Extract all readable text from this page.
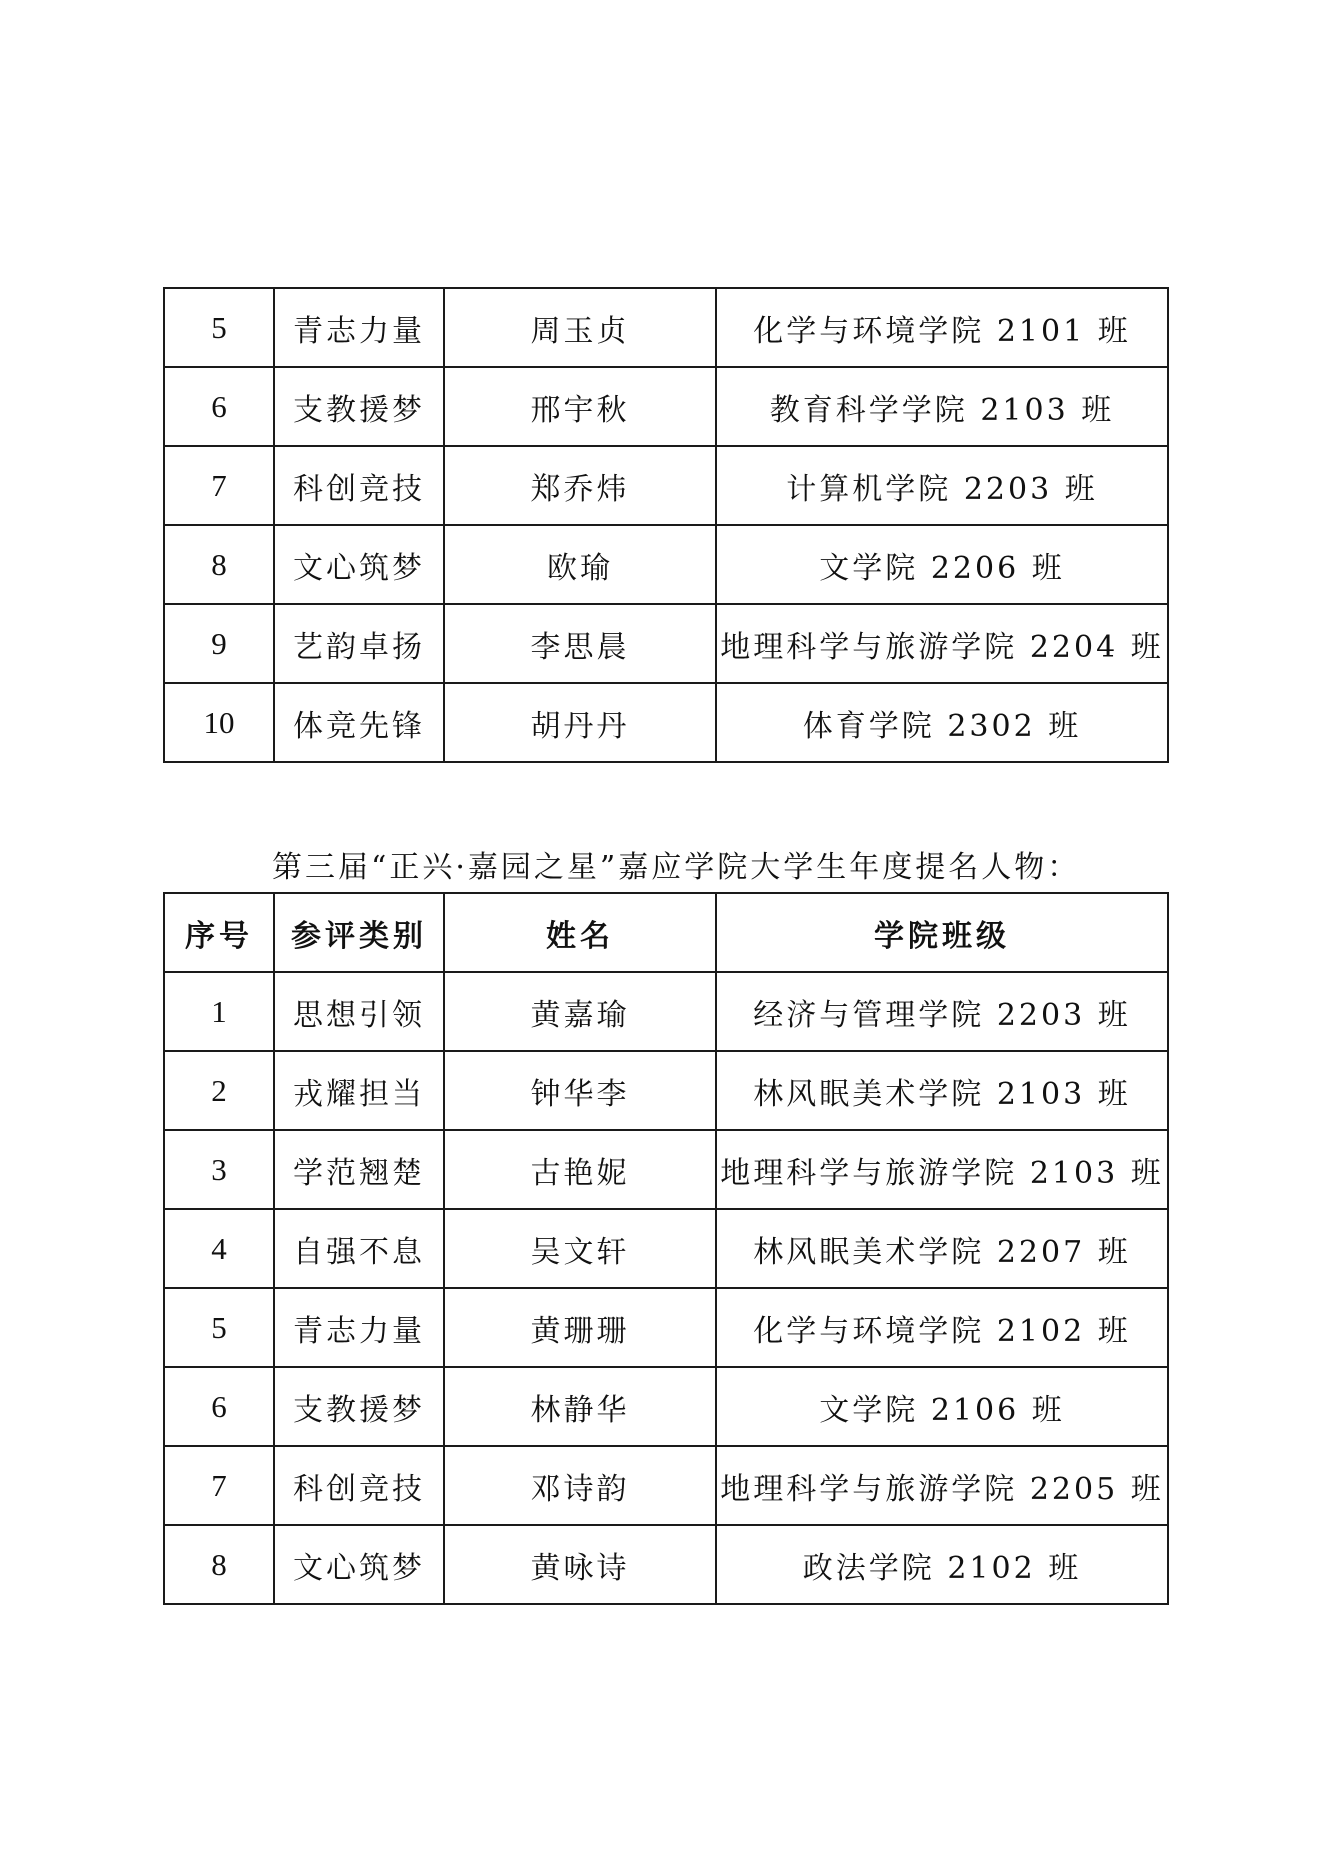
5	青志力量	周玉贞	化学与环境学院 2101 班
6	支教援梦	邢宇秋	教育科学学院 2103 班
7	科创竞技	郑乔炜	计算机学院 2203 班
8	文心筑梦	欧瑜	文学院 2206 班
9	艺韵卓扬	李思晨	地理科学与旅游学院 2204 班
10	体竞先锋	胡丹丹	体育学院 2302 班
第三届“正兴·嘉园之星”嘉应学院大学生年度提名人物：
序号	参评类别	姓名	学院班级
1	思想引领	黄嘉瑜	经济与管理学院 2203 班
2	戎耀担当	钟华李	林风眠美术学院 2103 班
3	学范翘楚	古艳妮	地理科学与旅游学院 2103 班
4	自强不息	吴文轩	林风眠美术学院 2207 班
5	青志力量	黄珊珊	化学与环境学院 2102 班
6	支教援梦	林静华	文学院 2106 班
7	科创竞技	邓诗韵	地理科学与旅游学院 2205 班
8	文心筑梦	黄咏诗	政法学院 2102 班
